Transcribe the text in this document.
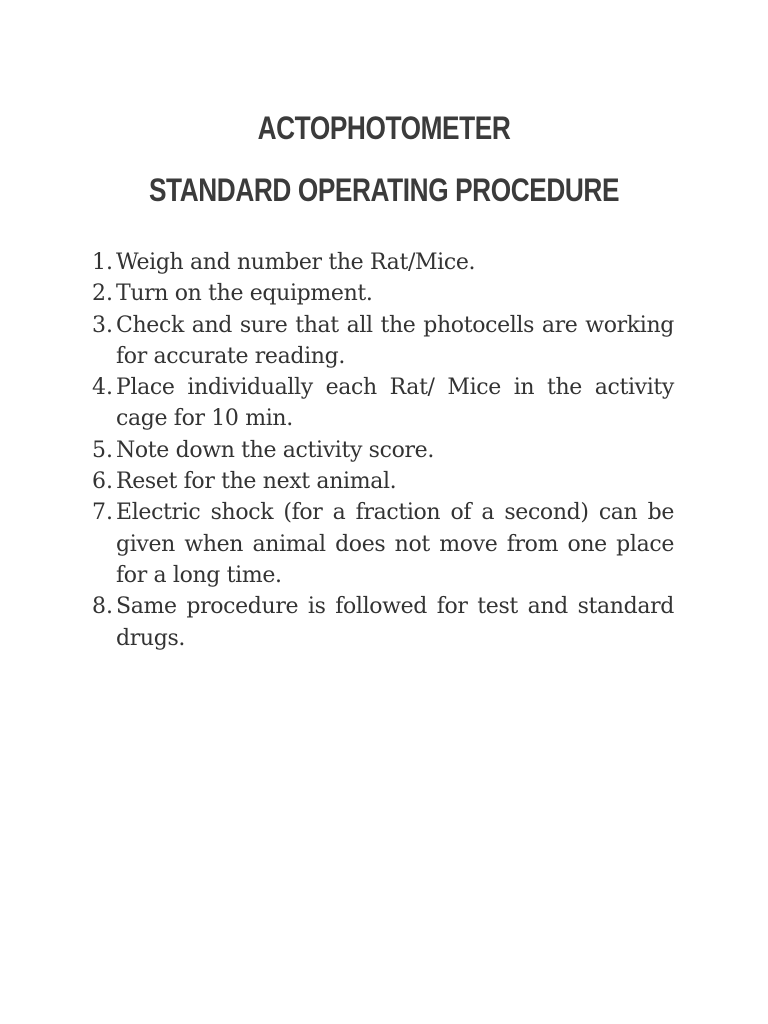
ACTOPHOTOMETER
STANDARD OPERATING PROCEDURE
1. Weigh and number the Rat/Mice.
2. Turn on the equipment.
3. Check and sure that all the photocells are working for accurate reading.
4. Place individually each Rat/ Mice in the activity cage for 10 min.
5. Note down the activity score.
6. Reset for the next animal.
7. Electric shock (for a fraction of a second) can be given when animal does not move from one place for a long time.
8. Same procedure is followed for test and standard drugs.
